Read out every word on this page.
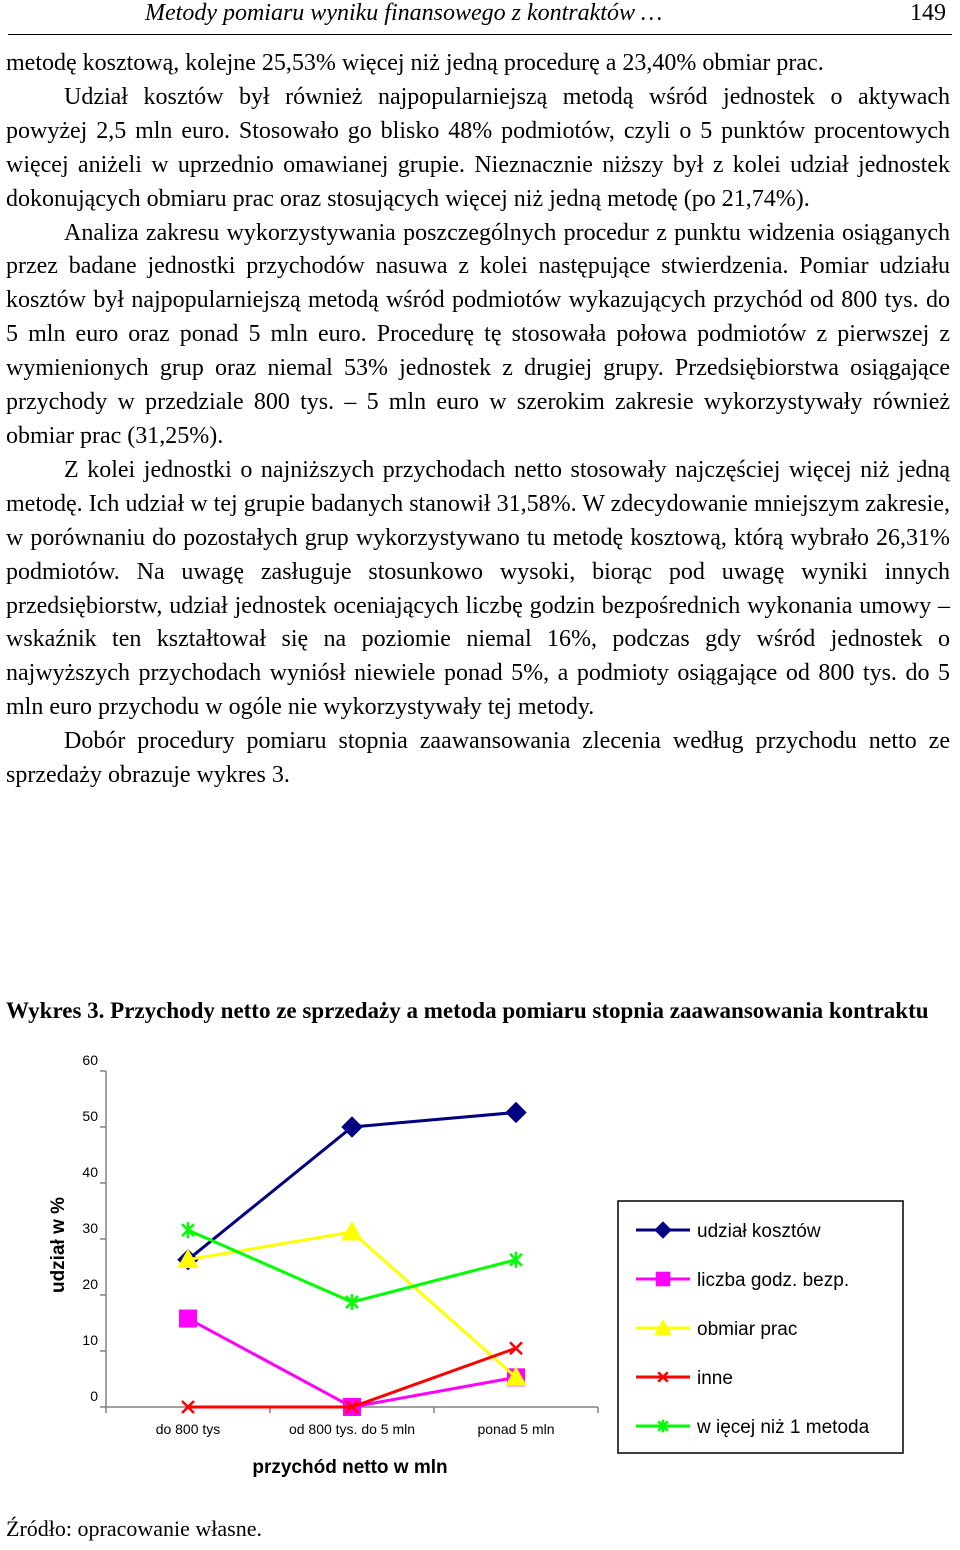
Metody pomiaru wyniku finansowego z kontraktów …	149

metodę kosztową, kolejne 25,53% więcej niż jedną procedurę a 23,40% obmiar prac.

Udział kosztów był również najpopularniejszą metodą wśród jednostek o aktywach powyżej 2,5 mln euro. Stosowało go blisko 48% podmiotów, czyli o 5 punktów procentowych więcej aniżeli w uprzednio omawianej grupie. Nieznacznie niższy był z kolei udział jednostek dokonujących obmiaru prac oraz stosujących więcej niż jedną metodę (po 21,74%).

Analiza zakresu wykorzystywania poszczególnych procedur z punktu widzenia osiąganych przez badane jednostki przychodów nasuwa z kolei następujące stwierdzenia. Pomiar udziału kosztów był najpopularniejszą metodą wśród podmiotów wykazujących przychód od 800 tys. do 5 mln euro oraz ponad 5 mln euro. Procedurę tę stosowała połowa podmiotów z pierwszej z wymienionych grup oraz niemal 53% jednostek z drugiej grupy. Przedsiębiorstwa osiągające przychody w przedziale 800 tys. – 5 mln euro w szerokim zakresie wykorzystywały również obmiar prac (31,25%).

Z kolei jednostki o najniższych przychodach netto stosowały najczęściej więcej niż jedną metodę. Ich udział w tej grupie badanych stanowił 31,58%. W zdecydowanie mniejszym zakresie, w porównaniu do pozostałych grup wykorzystywano tu metodę kosztową, którą wybrało 26,31% podmiotów. Na uwagę zasługuje stosunkowo wysoki, biorąc pod uwagę wyniki innych przedsiębiorstw, udział jednostek oceniających liczbę godzin bezpośrednich wykonania umowy – wskaźnik ten kształtował się na poziomie niemal 16%, podczas gdy wśród jednostek o najwyższych przychodach wyniósł niewiele ponad 5%, a podmioty osiągające od 800 tys. do 5 mln euro przychodu w ogóle nie wykorzystywały tej metody.

Dobór procedury pomiaru stopnia zaawansowania zlecenia według przychodu netto ze sprzedaży obrazuje wykres 3.

Wykres 3. Przychody netto ze sprzedaży a metoda pomiaru stopnia zaawansowania kontraktu
0
10
20
30
40
50
60
do 800 tys	od 800 tys. do 5 mln	ponad 5 mln
udział w %
przychód netto w mln
udział kosztów
liczba godz. bezp.
obmiar prac
inne
w ięcej niż 1 metoda
Źródło: opracowanie własne.
